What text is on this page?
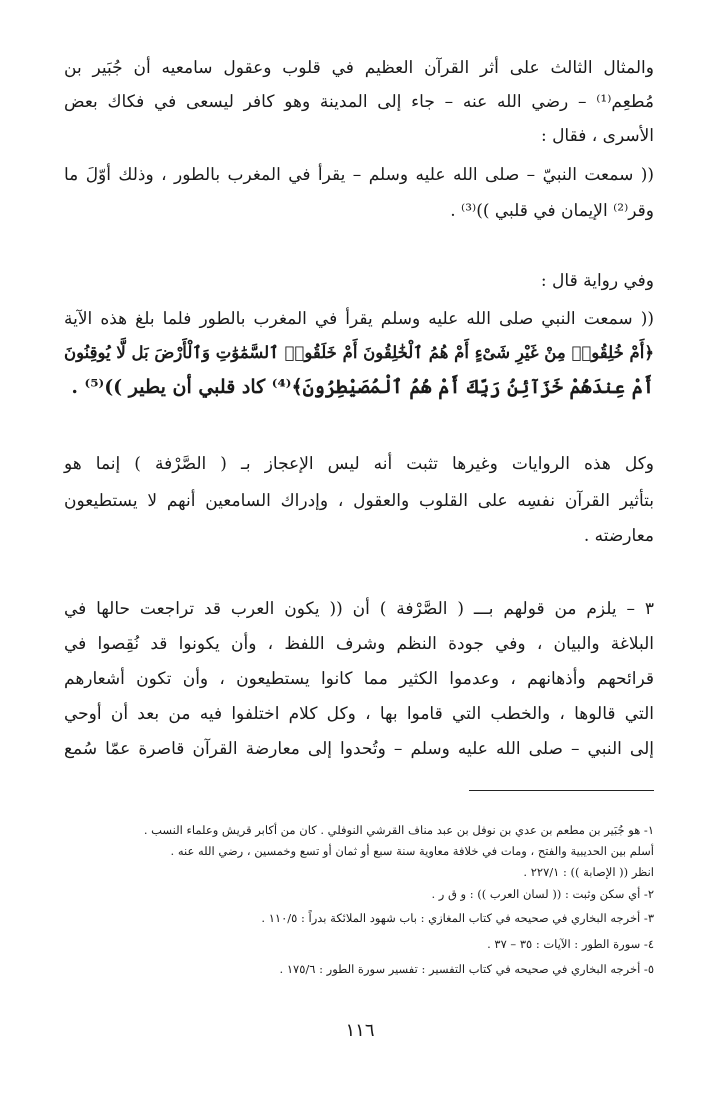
والمثال الثالث على أثر القرآن العظيم في قلوب وعقول سامعيه أن جُبَير بن
مُطعِم⁽¹⁾ – رضي الله عنه – جاء إلى المدينة وهو كافر ليسعى في فكاك بعض
الأسرى ، فقال :
(( سمعت النبيّ – صلى الله عليه وسلم – يقرأ في المغرب بالطور ، وذلك أوّلَ ما
وقر⁽²⁾ الإيمان في قلبي ))⁽³⁾ .
وفي رواية قال :
(( سمعت النبي صلى الله عليه وسلم يقرأ في المغرب بالطور فلما بلغ هذه الآية
﴿أَمْ خُلِقُوا۟ مِنْ غَيْرِ شَىْءٍ أَمْ هُمُ ٱلْخَٰلِقُونَ أَمْ خَلَقُوا۟ ٱلسَّمَٰوَٰتِ وَٱلْأَرْضَ بَل لَّا يُوقِنُونَ
أَمْ عِندَهُمْ خَزَآئِنُ رَبِّكَ أَمْ هُمُ ٱلْمُصَيْطِرُونَ﴾⁽⁴⁾ كاد قلبي أن يطير ))⁽⁵⁾ .
وكل هذه الروايات وغيرها تثبت أنه ليس الإعجاز بـ ( الصَّرْفة ) إنما هو
بتأثير القرآن نفسِه على القلوب والعقول ، وإدراك السامعين أنهم لا يستطيعون
معارضته .
٣ – يلزم من قولهم بـــ ( الصَّرْفة ) أن (( يكون العرب قد تراجعت حالها في
البلاغة والبيان ، وفي جودة النظم وشرف اللفظ ، وأن يكونوا قد نُقِصوا في
قرائحهم وأذهانهم ، وعدموا الكثير مما كانوا يستطيعون ، وأن تكون أشعارهم
التي قالوها ، والخطب التي قاموا بها ، وكل كلام اختلفوا فيه من بعد أن أوحي
إلى النبي – صلى الله عليه وسلم – وتُحدوا إلى معارضة القرآن قاصرة عمّا سُمع
١- هو جُبَير بن مطعم بن عدي بن نوفل بن عبد مناف القرشي النوفلي . كان من أكابر قريش وعلماء النسب .
أسلم بين الحديبية والفتح ، ومات في خلافة معاوية سنة سبع أو ثمان أو تسع وخمسين ، رضي الله عنه .
انظر (( الإصابة )) : ٢٢٧/١ .
٢- أي سكن وثبت : (( لسان العرب )) : و ق ر .
٣- أخرجه البخاري في صحيحه في كتاب المغازي : باب شهود الملائكة بدراً : ١١٠/٥ .
٤- سورة الطور : الآيات : ٣٥ – ٣٧ .
٥- أخرجه البخاري في صحيحه في كتاب التفسير : تفسير سورة الطور : ١٧٥/٦ .
١١٦
